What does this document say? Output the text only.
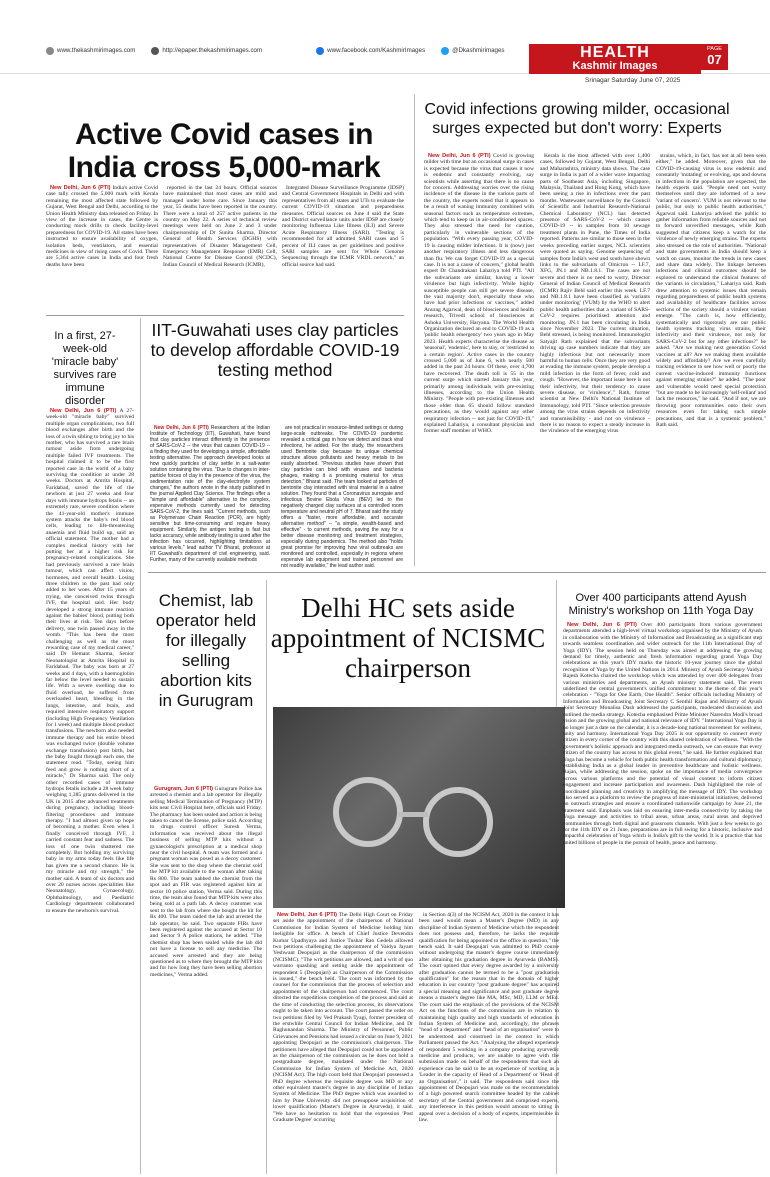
www.thekashmirimages.com	http://epaper.thekashmirimages.com	www.facebook.com/KashmirImages	@Dkashmirimages	HEALTH
Kashmir Images
PAGE
07
Srinagar Saturday June 07, 2025
Active Covid cases in India cross 5,000-mark

New Delhi, Jun 6 (PTI) India's active Covid case tally crossed the 5,000 mark with Kerala remaining the most affected state followed by Gujarat, West Bengal and Delhi, according to the Union Health Ministry data released on Friday. In view of the increase in cases, the Centre is conducting mock drills to check facility-level preparedness for COVID-19. All states have been instructed to ensure availability of oxygen, isolation beds, ventilators, and essential medicines in view of rising cases of Covid. There are 5,364 active cases in India and four fresh deaths have been

reported in the last 24 hours. Official sources have maintained that most cases are mild and managed under home care. Since January this year, 55 deaths have been reported in the country. There were a total of 257 active patients in the country on May 22. A series of technical review meetings were held on June 2 and 3 under chairpersonship of Dr Sunita Sharma, Director General of Health Services (DGHS) with representatives of Disaster Management Cell, Emergency Management Response (EMR) Cell, National Centre for Disease Control (NCDC), Indian Council of Medical Research (ICMR),

Integrated Disease Surveillance Programme (IDSP) and Central Government Hospitals in Delhi and with representatives from all states and UTs to evaluate the current COVID-19 situation and preparedness measures. Official sources on June 4 said the State and District surveillance units under IDSP are closely monitoring Influenza Like Illness (ILI) and Severe Acute Respiratory Illness (SARI). "Testing is recommended for all admitted SARI cases and 5 percent of ILI cases as per guidelines and positive SARI samples are sent for Whole Genome Sequencing through the ICMR VRDL network," an official source had said.

Covid infections growing milder, occasional surges expected but don't worry: Experts

New Delhi, Jun 6 (PTI) Covid is growing milder with time but an occasional surge in cases is expected because the virus that causes it now is endemic and constantly evolving, say scientists while asserting that there is no cause for concern. Addressing worries over the rising incidence of the disease in the various parts of the country, the experts noted that it appears to be a result of waning immunity combined with seasonal factors such as temperature extremes, which tend to keep us in air-conditioned spaces. They also stressed the need for caution, particularly in vulnerable sections of the population. "With every passing year, COVID-19 is causing milder infections. It is (now) just another respiratory illness and less dangerous than flu. We can forget COVID-19 as a special case. It is not a cause of concern," global health expert Dr Chandrakant Lahariya told PTI. "All the subvariants are similar, having a lower virulence but high infectivity. While highly susceptible people can still get severe disease, the vast majority don't, especially those who have had prior infections or vaccines," added Anurag Agarwal, dean of biosciences and health research, Trivedi school of biosciences at Ashoka University, Haryana. The World Health Organization declared an end to COVID-19 as a 'public health emergency' two years ago in May 2023. Health experts characterise the disease as 'seasonal', 'endemic', here to stay, or 'restricted to a certain region'. Active cases in the country crossed 5,000 as of June 6, with nearly 500 added in the past 24 hours. Of these, over 4,700 have recovered. The death toll is 55 in the current surge which started January this year, primarily among individuals with pre-existing illnesses, according to the Union Health Ministry. "People with pre-existing illnesses and those older than 65 should follow standard precautions, as they would against any other respiratory infection -- not just for COVID-19," explained Lahariya, a consultant physician and former staff member of WHO.

Kerala is the most affected with over 1,400 cases, followed by Gujarat, West Bengal, Delhi and Maharashtra, ministry data shows. The case surge in India is part of a wider wave impacting parts of Southeast Asia, including Singapore, Malaysia, Thailand and Hong Kong, which have been seeing a rise in infections over the past months. Wastewater surveillance by the Council of Scientific and Industrial Research-National Chemical Laboratory (NCL) has detected presence of SARS-CoV-2 -- which causes COVID-19 -- in samples from 10 sewage treatment plants in Pune, the Times of India reported. Patterns are similar to those seen in the weeks preceding earlier surges, NCL scientists were quoted as saying. Genome sequencing of samples from India's west and south have shown links to the subvariants of Omicron -- LF.7, XFG, JN.1 and NB.1.8.1. The cases are not severe and there is no need to worry, Director General of Indian Council of Medical Research (ICMR) Rajiv Behl said earlier this week. LF.7 and NB.1.8.1 have been classified as 'variants under monitoring' (VUM) by the WHO to alert public health authorities that a variant of SARS-CoV-2 requires prioritised attention and monitoring. JN.1 has been circulating in India since November 2023. The current situation, Behl stressed, is being monitored. Immunologist Satyajit Rath explained that the subvariants driving up case numbers indicate that they are highly infectious but not necessarily more harmful to human cells. Once they are very good at evading the immune system, people develop a mild infection in the form of fever, cold and cough. "However, the important issue here is not their infectivity, but their tendency to cause severe disease, or 'virulence'," Rath, former scientist at New Delhi's National Institute of Immunology, told PTI. "Since selection pressure among the virus strains depends on infectivity and transmissibility - and not on virulence - there is no reason to expect a steady increase in the virulence of the emerging virus

strains, which, in fact, has not at all been seen either," he added. Moreover, given that the COVID-19-causing virus is now endemic and constantly 'mutating' or evolving, ups and downs in infections in the population are expected, the health experts said. "People need not worry themselves until they are informed of a new 'variant of concern'. VUM is not relevant to the public, but only to public health authorities," Agarwal said. Lahariya advised the public to gather information from reliable sources and not to forward unverified messages, while Rath suggested that citizens keep a watch for the virulence of newly emerging strains. The experts also stressed on the role of authorities. "National and state governments in India should keep a watch on cases, monitor the trends in new cases and share data widely. The linkage between infections and clinical outcomes should be explored to understand the clinical features of the variants in circulation," Lahariya said. Rath drew attention to systemic issues that remain regarding preparedness of public health systems and availability of healthcare facilities across sections of the society should a virulent variant emerge. "The catch is, how efficiently, systematically and rigorously are our public health systems tracking virus strains, their infectivity and their virulence, not only for SARS-CoV-2 but for any other infections?" he asked. "Are we making next generation Covid vaccines at all? Are we making them available widely and affordably? Are we even carefully tracking evidence to see how well or poorly the current vaccine-induced immunity functions against emerging strains?" he added. "The poor and vulnerable would need special protection "but are made to be increasingly 'self-reliant' and lack the resources," he said. "And if not, we are throwing poor communities onto their own resources even for taking such simple precautions, and that is a systemic problem," Rath said.

In a first, 27-week-old 'miracle baby' survives rare immune disorder

New Delhi, Jun 6 (PTI) A 27-week-old "miracle baby" survived multiple organ complications, two full blood exchanges after birth and the loss of a twin sibling to bring joy to his mother, who has survived a rare brain tumour aside from undergoing multiple failed IVF treatments. The hospital claimed it to be the first reported case in the world of a baby surviving the condition at under 28 weeks. Doctors at Amrita Hospital, Faridabad, saved the life of the newborn at just 27 weeks and four days with immune hydrops fetalis -- an extremely rare, severe condition where the 41-year-old mother's immune system attacks the baby's red blood cells, leading to life-threatening anaemia and fluid build up, said an official statement. The mother had a complex medical history with her putting her at a higher risk for pregnancy-related complications. She had previously survived a rare brain tumour, which can affect vision, hormones, and overall health. Losing three children in the past had only added to her woes. After 15 years of trying, she conceived twins through IVF, the hospital said. Her body developed a strong immune reaction against the babies' blood, putting both their lives at risk. Ten days before delivery, one twin passed away in the womb. "This has been the most challenging as well as the most rewarding case of my medical career," said Dr Hemant Sharma, Senior Neonatologist at Amrita Hospital in Faridabad. The baby was born at 27 weeks and 4 days, with a haemoglobin far below the level needed to sustain life. With a severe swelling due to fluid overload, he suffered from overloaded heart, bleeding in the lungs, intestine, and brain, and required intensive respiratory support (including High Frequency Ventilation for 1 week) and multiple blood product transfusions. The newborn also needed immune therapy and his entire blood was exchanged twice (double volume exchange transfusion) post birth, but the baby fought through each one, the statement read. "Today, seeing him feed and grow is nothing short of a miracle," Dr Sharma said. The only other recorded cases of immune hydrops fetalis include a 28 week baby weighing 1,385 grams delivered in the UK in 2015 after advanced treatments during pregnancy, including blood-filtering procedures and immune therapy. "I had almost given up hope of becoming a mother. Even when I finally conceived through IVF, I carried constant fear and sadness. The loss of one twin shattered me completely. But holding my surviving baby in my arms today feels like life has given me a second chance. He is my miracle and my strength," the mother said. A team of six doctors and over 20 nurses across specialities like Neonatology, Gynaecology, Ophthalmology, and Paediatric Cardiology departments collaborated to ensure the newborn's survival.

IIT-Guwahati uses clay particles to develop affordable COVID-19 testing method

New Delhi, Jun 6 (PTI) Researchers at the Indian Institute of Technology (IIT), Guwahati, have found that clay particles interact differently in the presence of SARS-CoV-2 -- the virus that causes COVID-19 -- a finding they used for developing a simple, affordable testing alternative. The approach developed looks at how quickly particles of clay settle in a salt-water solution containing the virus. "Due to changes in inter-particle forces of clay in the presence of the virus, the sedimentation rate of the clay-electrolyte system changes," the authors wrote in the study published in the journal Applied Clay Science. The findings offer a "simple and affordable" alternative to the complex, expensive methods currently used for detecting SARS-CoV-2, the lines said. "Current methods, such as Polymerase Chain Reaction (PCR), are highly sensitive but time-consuming and require heavy equipment. Similarly, the antigen testing is fast but lacks accuracy, while antibody testing is used after the infection has occurred, highlighting limitations at various levels," lead author TV Bharat, professor at IIT Guwahati's department of civil engineering, said. Further, many of the currently available methods

are not practical in resource-limited settings or during large-scale outbreaks. The COVID-19 pandemic revealed a critical gap in how we detect and track viral infections, he added. For the study, the researchers used Bentonite clay because its unique chemical structure allows pollutants and heavy metals to be easily absorbed. "Previous studies have shown that clay particles can bind with viruses and bacteria phages, making it a promising material for virus detection," Bharat said. The team looked at particles of bentonite clay interacted with viral material in a saline solution. They found that a Coronavirus surrogate and infectious Bovine Ebola Virus (BEV) led to the negatively charged clay surfaces at a controlled room temperature and neutral pH of 7. Bharat said the study offers a "faster, more affordable, and accurate alternative method" -- "a simple, wealth-based and effective" - to current methods, paving the way for a better disease monitoring and treatment strategies, especially during pandemics. The method also "holds great promise for improving how viral outbreaks are monitored and controlled, especially in regions where expensive lab equipment and trained personnel are not readily available," the lead author said.

Chemist, lab operator held for illegally selling abortion kits in Gurugram

Gurugram, Jun 6 (PTI) Gurugram Police has arrested a chemist and a lab operator for illegally selling Medical Termination of Pregnancy (MTP) kits near Civil Hospital here, officials said Friday. The pharmacy has been sealed and action is being taken to cancel the license, police said. According to drugs control officer Suresh Verma, information was received about the illegal business of selling MTP kits without a gynaecologist's prescription at a medical shop near the civil hospital. A team was formed and a pregnant woman was posed as a decoy customer. She was sent to the shop where the chemist sold the MTP kit available to the woman after taking Rs 800. The team nabbed the chemist from the spot and an FIR was registered against him at sector 10 police station, Verma said. During this time, the team also found that MTP kits were also being sold at a path lab. A decoy customer was sent to the lab from where she bought the kit for Rs 400. The team raided the lab and arrested the lab operator, he said. Two separate FIRs have been registered against the accused at Sector 10 and Sector 9 A police stations, he added. "The chemist shop has been sealed while the lab did not have a license to sell any medicine. The accused were arrested and they are being questioned as to where they brought the MTP kits and for how long they have been selling abortion medicines," Verma added.

Delhi HC sets aside appointment of NCISMC chairperson

New Delhi, Jun 6 (PTI) The Delhi High Court on Friday set aside the appointment of the chairperson of National Commission for Indian System of Medicine holding him ineligible for office. A bench of Chief Justice Devendra Kumar Upadhyaya and Justice Tushar Rao Gedela allowed two petitions challenging the appointment of Vaidya Jayant Yeshwant Deopujari as the chairperson of the commission (NCISMC). "The writ petitions are allowed, and a writ of quo warranto quashing and setting aside the appointment of respondent 5 (Deopujari) as Chairperson of the Commission is issued," the bench held. The court was informed by the counsel for the commission that the process of selection and appointment of the chairperson had commenced. The court directed the expeditious completion of the process and said at the time of conducting the selection process, its observations ought to be taken into account. The court passed the order on two petitions filed by Ved Prakash Tyagi, former president of the erstwhile Central Council for Indian Medicine, and Dr Raghunandan Sharma. The Ministry of Personnel, Public Grievances and Pensions had issued a circular on June 9, 2021 appointing Deopujari as the commission's chairperson. The petitioners have alleged that Deopujari could not be appointed as the chairperson of the commission as he does not hold a postgraduate degree, mandated under the National Commission for Indian System of Medicine Act, 2020 (NCISM Act). The high court held that Deopujari possessed a PhD degree whereas the requisite degree was MD or any other equivalent master's degree in any discipline of Indian System of Medicine. The PhD degree which was awarded to him by Pune University did not presuppose acquisition of lower qualification (Master's Degree in Ayurveda), it said. "We have no hesitation to hold that the expression 'Post Graduate Degree' occurring

in Section 4(3) of the NCISM Act, 2020 in the context it has been used would mean a Master's Degree (MD) in any discipline of Indian System of Medicine which the respondent does not possess and, therefore, he lacks the requisite qualification for being appointed to the office in question," the bench said. It said Deopujari was admitted to PhD course without undergoing the master's degree course immediately after obtaining his graduation degree in Ayurveda (BAMS). The court opined that every degree awarded by a university after graduation cannot be termed to be a "post graduation qualification" for the reason that in the domain of higher education in our country "post graduate degree" has acquired a special meaning and significance and post graduate degree means a master's degree like MA, MSc, MD, LLM or MEd. The court said the emphasis of the provisions of the NCISM Act on the functions of the commission are in relation to maintaining high quality and high standards of education in Indian System of Medicine and, accordingly, the phrases "head of a department" and "head of an organisation" were to be understood and construed in the context in which Parliament passed the Act. "Analysing the alleged experience of respondent 5 working in a company producing ayurvedic medicine and products, we are unable to agree with the submission made on behalf of the respondents that such an experience can be said to be an experience of working as a 'Leader in the capacity of Head of a Department' or 'Head of an Organisation'," it said. The respondents said since the appointment of Deopujari was made on the recommendation of a high powered search committee headed by the cabinet secretary of the Central government and comprised experts, any interference in this petition would amount to sitting in appeal over a decision of a body of experts, impermissible in law.

Over 400 participants attend Ayush Ministry's workshop on 11th Yoga Day

New Delhi, Jun 6 (PTI) Over 400 participants from various government departments attended a high-level virtual workshop organised by the Ministry of Ayush in collaboration with the Ministry of Information and Broadcasting as a significant step towards seamless coordination and wider outreach for the 11th International Day of Yoga (IDY). The session held on Thursday was aimed at addressing the growing demand for timely, authentic and fresh information regarding grand Yoga Day celebrations as this year's IDY marks the historic 10-year journey since the global recognition of Yoga by the United Nations in 2014. Ministry of Ayush Secretary Vaidya Rajesh Kotecha chaired the workshop which was attended by over 400 delegates from various ministries and departments, an Ayush ministry statement said. The event underlined the central government's unified commitment to the theme of this year's celebration - "Yoga for One Earth, One Health". Senior officials including Ministry of Information and Broadcasting Joint Secretary C Senthil Rajan and Ministry of Ayush Joint Secretary Monalisa Dash addressed the participants, moderated discussions and outlined the media strategy. Kotecha emphasised Prime Minister Narendra Modi's broad vision and the growing global and national relevance of IDY. "International Yoga Day is no longer just a date on the calendar, it is a decade-long national movement for wellness, unity and harmony. International Yoga Day 2025 is our opportunity to connect every citizen in every corner of the country with this shared celebration of wellness. "With the government's holistic approach and integrated media outreach, we can ensure that every citizen of the country has access to this global event," he said. He further explained that Yoga has become a vehicle for both public health transformation and cultural diplomacy, establishing India as a global leader in preventive healthcare and holistic wellness. Rajan, while addressing the session, spoke on the importance of media convergence across various platforms and the potential of visual content to inform citizen engagement and increase participation and awareness. Dash highlighted the role of coordinated planning and creativity in amplifying the message of IDY. The workshop also served as a platform to review the progress of inter-ministerial initiatives, delivered on outreach strategies and ensure a coordinated nationwide campaign by June 21, the statement said. Emphasis was laid on ensuring inter-media connectivity by taking the Yoga message and activities to tribal areas, urban areas, rural areas and deprived communities through both digital and grassroots channels. With just a few weeks to go for the 11th IDY on 21 June, preparations are in full swing for a historic, inclusive and impactful celebration of Yoga which is India's gift to the world. It is a practice that has united billions of people in the pursuit of health, peace and harmony.
